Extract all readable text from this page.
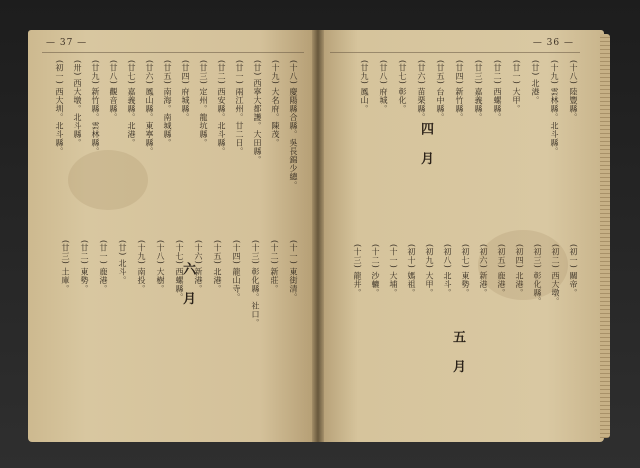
— 37 —
(十八) 慶陽縣合縣。吳長錦少總。
(十九) 大名府。陳茂。
(廿) 西寧大都護。大田縣。
(廿一) 兩江州。廿二日。
(廿二) 西安縣。北斗縣。
(廿三) 定州。龍坑縣。
(廿四) 府城縣。
(廿五) 南海。南城縣。
(廿六) 鳳山縣。東寧縣。
(廿七) 嘉義縣。北港。
(廿八) 觀音縣。
(廿九) 新竹縣。雲林縣。
(卅) 西大墩。北斗縣。
(初一) 西大圳。北斗縣。
六 月	(十一) 東街清。
(十二) 新莊。
(十三) 彰化縣。社口。
(十四) 龍山寺。
(十五) 北港。
(十六) 新港。
(十七) 西螺縣。
(十八) 大樹。
(十九) 南投。
(廿) 北斗。
(廿一) 鹿港。
(廿二) 東勢。
(廿三) 土庫。
— 36 —
(十八) 陸豐縣。
(十九) 雲林縣。北斗縣。
(廿) 北港。
(廿一) 大甲。
(廿二) 西螺縣。
(廿三) 嘉義縣。
(廿四) 新竹縣。
(廿五) 台中縣。
(廿六) 苗栗縣。
(廿七) 彰化。
(廿八) 府城。
(廿九) 鳳山。
四 月
五 月
(初一) 關帝。
(初二) 西大墩。
(初三) 彰化縣。
(初四) 北港。
(初五) 鹿港。
(初六) 新港。
(初七) 東勢。
(初八) 北斗。
(初九) 大甲。
(初十) 媽祖。
(十一) 大埔。
(十二) 沙轆。
(十三) 龍井。
